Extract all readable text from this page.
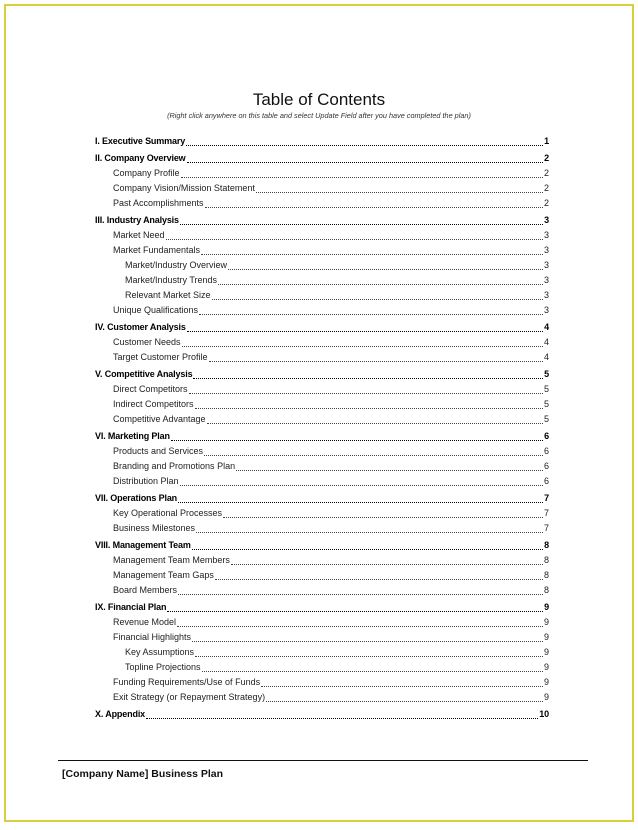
Table of Contents
(Right click anywhere on this table and select Update Field after you have completed the plan)
I. Executive Summary	1
II. Company Overview	2
Company Profile	2
Company Vision/Mission Statement	2
Past Accomplishments	2
III. Industry Analysis	3
Market Need	3
Market Fundamentals	3
Market/Industry Overview	3
Market/Industry Trends	3
Relevant Market Size	3
Unique Qualifications	3
IV. Customer Analysis	4
Customer Needs	4
Target Customer Profile	4
V. Competitive Analysis	5
Direct Competitors	5
Indirect Competitors	5
Competitive Advantage	5
VI. Marketing Plan	6
Products and Services	6
Branding and Promotions Plan	6
Distribution Plan	6
VII. Operations Plan	7
Key Operational Processes	7
Business Milestones	7
VIII. Management Team	8
Management Team Members	8
Management Team Gaps	8
Board Members	8
IX. Financial Plan	9
Revenue Model	9
Financial Highlights	9
Key Assumptions	9
Topline Projections	9
Funding Requirements/Use of Funds	9
Exit Strategy (or Repayment Strategy)	9
X. Appendix	10
[Company Name] Business Plan
